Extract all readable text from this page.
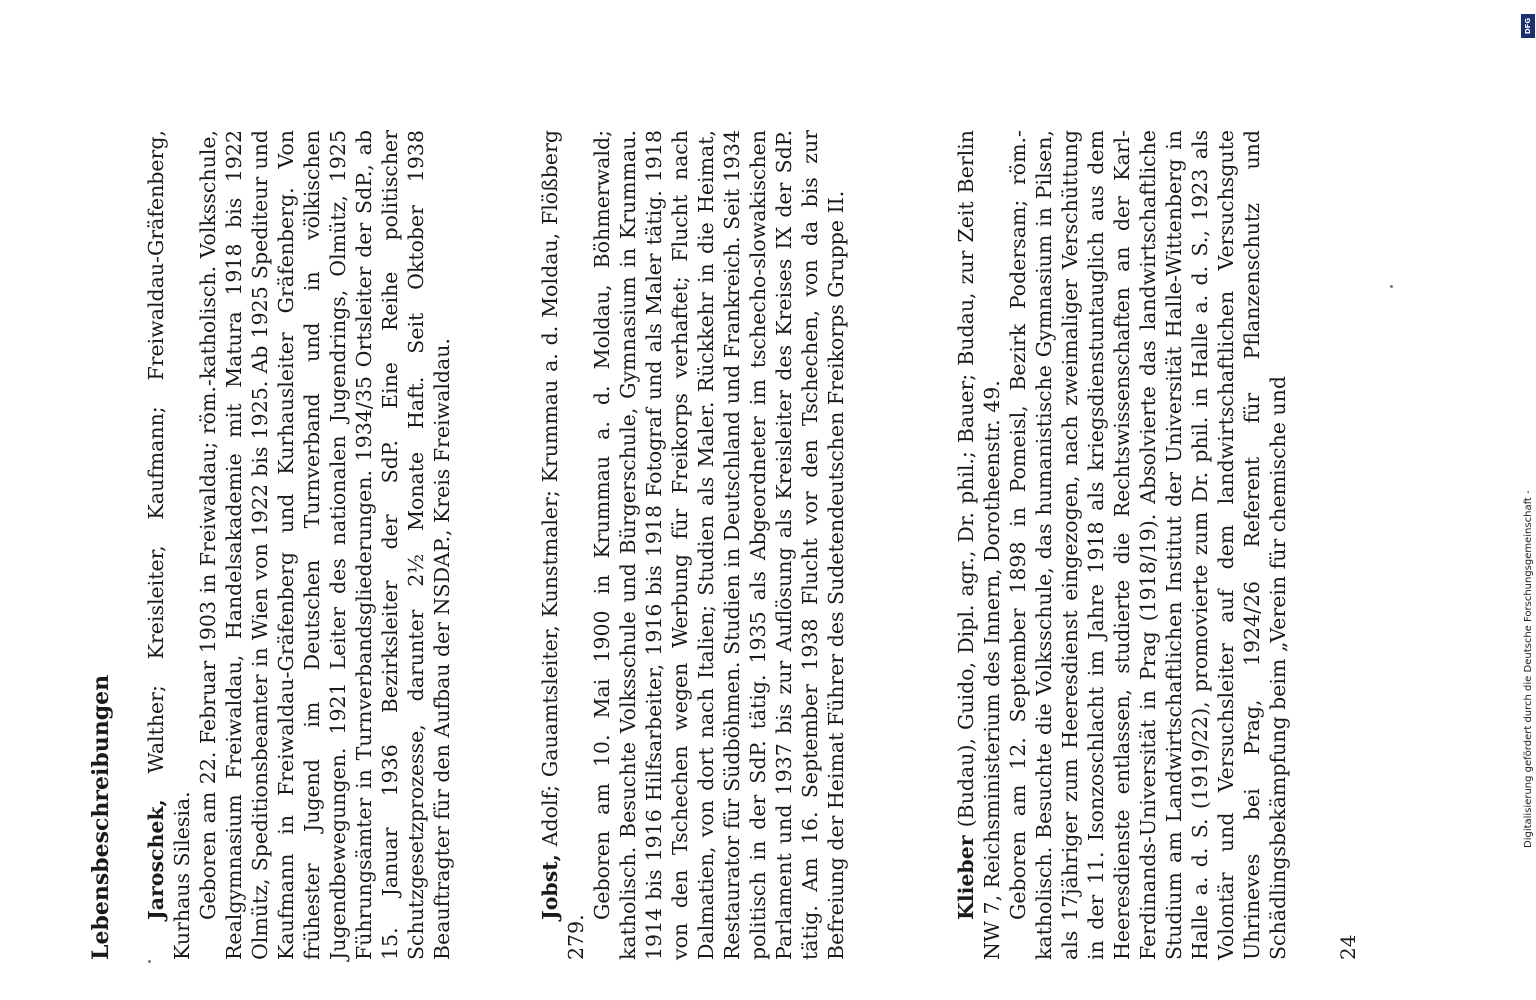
Lebensbeschreibungen Jaroschek, Walther; Kreisleiter, Kaufmann; Freiwaldau-Gräfenberg, Kurhaus Silesia. Geboren am 22. Februar 1903 in Freiwaldau; röm.-katholisch. Volksschule, Realgymnasium Freiwaldau, Handelsakademie mit Matura 1918 bis 1922 Olmütz, Speditionsbeamter in Wien von 1922 bis 1925. Ab 1925 Spediteur und Kaufmann in Freiwaldau-Gräfenberg und Kurhausleiter Gräfenberg. Von frühester Jugend im Deutschen Turnverband und in völkischen Jugendbewegungen. 1921 Leiter des nationalen Jugendrings, Olmütz, 1925 Führungsämter in Turnverbandsgliederungen. 1934/35 Ortsleiter der SdP., ab 15. Januar 1936 Bezirksleiter der SdP. Eine Reihe politischer Schutzgesetzprozesse, darunter 2½ Monate Haft. Seit Oktober 1938 Beauftragter für den Aufbau der NSDAP., Kreis Freiwaldau.	Jobst, Adolf; Gauamtsleiter, Kunstmaler; Krummau a. d. Moldau, Flößberg 279.

Geboren am 10. Mai 1900 in Krummau a. d. Moldau, Böhmerwald; katholisch. Besuchte Volksschule und Bürgerschule, Gymnasium in Krummau. 1914 bis 1916 Hilfsarbeiter, 1916 bis 1918 Fotograf und als Maler tätig. 1918 von den Tschechen wegen Werbung für Freikorps verhaftet; Flucht nach Dalmatien, von dort nach Italien; Studien als Maler. Rückkehr in die Heimat, Restaurator für Südböhmen. Studien in Deutschland und Frankreich. Seit 1934 politisch in der SdP. tätig. 1935 als Abgeordneter im tschecho-slowakischen Parlament und 1937 bis zur Auflösung als Kreisleiter des Kreises IX der SdP. tätig. Am 16. September 1938 Flucht vor den Tschechen, von da bis zur Befreiung der Heimat Führer des Sudetendeutschen Freikorps Gruppe II.	Klieber (Budau), Guido, Dipl. agr., Dr. phil.; Bauer; Budau, zur Zeit Berlin NW 7, Reichsministerium des Innern, Dorotheenstr. 49. Geboren am 12. September 1898 in Pomeisl, Bezirk Podersam; röm.-katholisch. Besuchte die Volksschule, das humanistische Gymnasium in Pilsen, als 17jähriger zum Heeresdienst eingezogen, nach zweimaliger Verschüttung in der 11. Isonzoschlacht im Jahre 1918 als kriegsdienstuntauglich aus dem Heeresdienste entlassen, studierte die Rechtswissenschaften an der Karl-Ferdinands-Universität in Prag (1918/19). Absolvierte das landwirtschaftliche Studium am Landwirtschaftlichen Institut der Universität Halle-Wittenberg in Halle a. d. S. (1919/22), promovierte zum Dr. phil. in Halle a. d. S., 1923 als Volontär und Versuchsleiter auf dem landwirtschaftlichen Versuchsgute Uhrineves bei Prag, 1924/26 Referent für Pflanzenschutz und Schädlingsbekämpfung beim „Verein für chemische und 24
Digitalisierung gefördert durch die Deutsche Forschungsgemeinschaft -
DFG
